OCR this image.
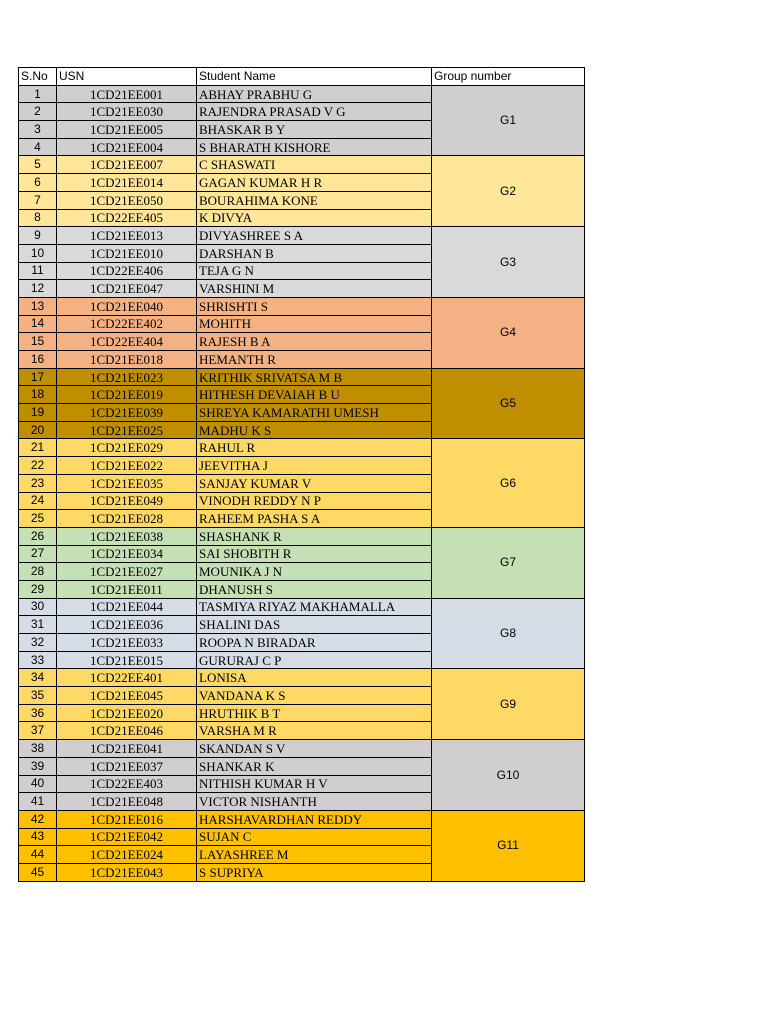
S.No	USN	Student Name	Group number
1	1CD21EE001	ABHAY PRABHU G	G1
2	1CD21EE030	RAJENDRA PRASAD V G	
3	1CD21EE005	BHASKAR B Y	
4	1CD21EE004	S BHARATH KISHORE	
5	1CD21EE007	C SHASWATI	G2
6	1CD21EE014	GAGAN KUMAR H R	
7	1CD21EE050	BOURAHIMA KONE	
8	1CD22EE405	K DIVYA	
9	1CD21EE013	DIVYASHREE S A	G3
10	1CD21EE010	DARSHAN B	
11	1CD22EE406	TEJA G N	
12	1CD21EE047	VARSHINI M	
13	1CD21EE040	SHRISHTI S	G4
14	1CD22EE402	MOHITH	
15	1CD22EE404	RAJESH B A	
16	1CD21EE018	HEMANTH R	
17	1CD21EE023	KRITHIK SRIVATSA M B	G5
18	1CD21EE019	HITHESH DEVAIAH B U	
19	1CD21EE039	SHREYA KAMARATHI UMESH	
20	1CD21EE025	MADHU K S	
21	1CD21EE029	RAHUL R	G6
22	1CD21EE022	JEEVITHA J	
23	1CD21EE035	SANJAY KUMAR V	
24	1CD21EE049	VINODH REDDY N P	
25	1CD21EE028	RAHEEM PASHA S A	
26	1CD21EE038	SHASHANK R	G7
27	1CD21EE034	SAI SHOBITH R	
28	1CD21EE027	MOUNIKA J N	
29	1CD21EE011	DHANUSH S	
30	1CD21EE044	TASMIYA RIYAZ MAKHAMALLA	G8
31	1CD21EE036	SHALINI DAS	
32	1CD21EE033	ROOPA N BIRADAR	
33	1CD21EE015	GURURAJ C P	
34	1CD22EE401	LONISA	G9
35	1CD21EE045	VANDANA K S	
36	1CD21EE020	HRUTHIK B T	
37	1CD21EE046	VARSHA M R	
38	1CD21EE041	SKANDAN S V	G10
39	1CD21EE037	SHANKAR K	
40	1CD22EE403	NITHISH KUMAR H V	
41	1CD21EE048	VICTOR NISHANTH	
42	1CD21EE016	HARSHAVARDHAN REDDY	G11
43	1CD21EE042	SUJAN C	
44	1CD21EE024	LAYASHREE M	
45	1CD21EE043	S SUPRIYA	
